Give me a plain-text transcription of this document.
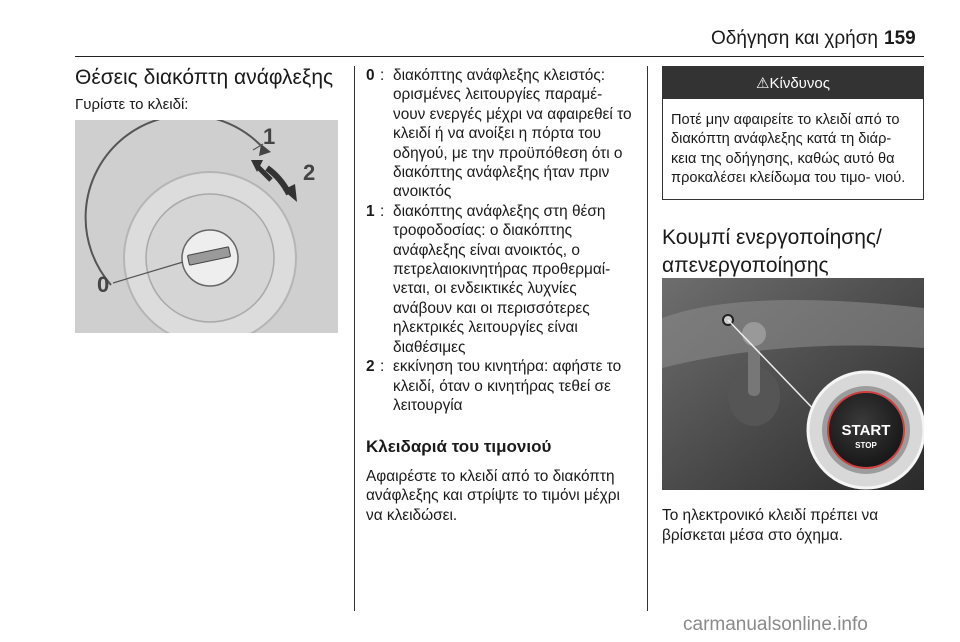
Οδήγηση και χρήση 159
Θέσεις διακόπτη ανάφλεξης
Γυρίστε το κλειδί:
0
1
2
0 : διακόπτης ανάφλεξης κλειστός: ορισμένες λειτουργίες παραμέ- νουν ενεργές μέχρι να αφαιρεθεί το κλειδί ή να ανοίξει η πόρτα του οδηγού, με την προϋπόθεση ότι ο διακόπτης ανάφλεξης ήταν πριν ανοικτός
1 : διακόπτης ανάφλεξης στη θέση τροφοδοσίας: ο διακόπτης ανάφλεξης είναι ανοικτός, ο πετρελαιοκινητήρας προθερμαί- νεται, οι ενδεικτικές λυχνίες ανάβουν και οι περισσότερες ηλεκτρικές λειτουργίες είναι διαθέσιμες
2 : εκκίνηση του κινητήρα: αφήστε το κλειδί, όταν ο κινητήρας τεθεί σε λειτουργία
Κλειδαριά του τιμονιού
Αφαιρέστε το κλειδί από το διακόπτη ανάφλεξης και στρίψτε το τιμόνι μέχρι να κλειδώσει.
⚠Κίνδυνος
Ποτέ μην αφαιρείτε το κλειδί από το διακόπτη ανάφλεξης κατά τη διάρ- κεια της οδήγησης, καθώς αυτό θα προκαλέσει κλείδωμα του τιμο- νιού.
Κουμπί ενεργοποίησης/
απενεργοποίησης
START
STOP
Το ηλεκτρονικό κλειδί πρέπει να βρίσκεται μέσα στο όχημα.
carmanualsonline.info
